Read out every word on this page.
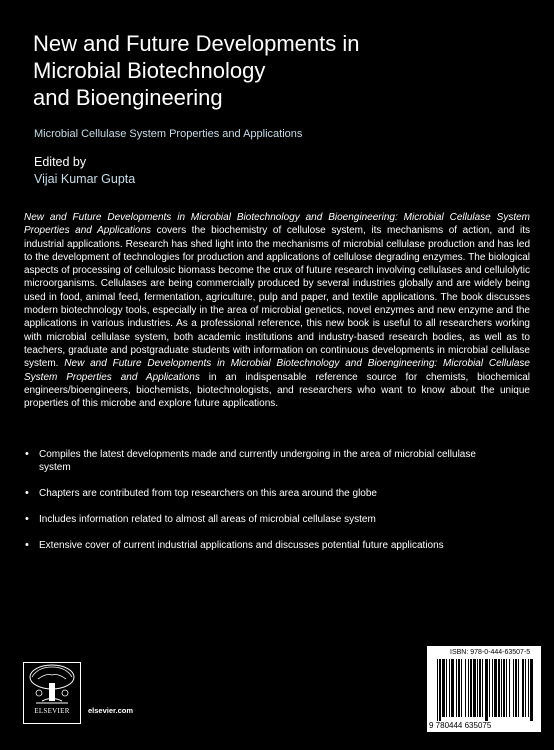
New and Future Developments in
Microbial Biotechnology
and Bioengineering
Microbial Cellulase System Properties and Applications
Edited by
Vijai Kumar Gupta
New and Future Developments in Microbial Biotechnology and Bioengineering: Microbial Cellulase System Properties and Applications covers the biochemistry of cellulose system, its mechanisms of action, and its industrial applications. Research has shed light into the mechanisms of microbial cellulase production and has led to the development of technologies for production and applications of cellulose degrading enzymes. The biological aspects of processing of cellulosic biomass become the crux of future research involving cellulases and cellulolytic microorganisms. Cellulases are being commercially produced by several industries globally and are widely being used in food, animal feed, fermentation, agriculture, pulp and paper, and textile applications. The book discusses modern biotechnology tools, especially in the area of microbial genetics, novel enzymes and new enzyme and the applications in various industries. As a professional reference, this new book is useful to all researchers working with microbial cellulase system, both academic institutions and industry-based research bodies, as well as to teachers, graduate and postgraduate students with information on continuous developments in microbial cellulase system. New and Future Developments in Microbial Biotechnology and Bioengineering: Microbial Cellulase System Properties and Applications in an indispensable reference source for chemists, biochemical engineers/bioengineers, biochemists, biotechnologists, and researchers who want to know about the unique properties of this microbe and explore future applications.
• Compiles the latest developments made and currently undergoing in the area of microbial cellulase system
• Chapters are contributed from top researchers on this area around the globe
• Includes information related to almost all areas of microbial cellulase system
• Extensive cover of current industrial applications and discusses potential future applications
ELSEVIER	elsevier.com
ISBN: 978-0-444-63507-5
9 780444 635075
